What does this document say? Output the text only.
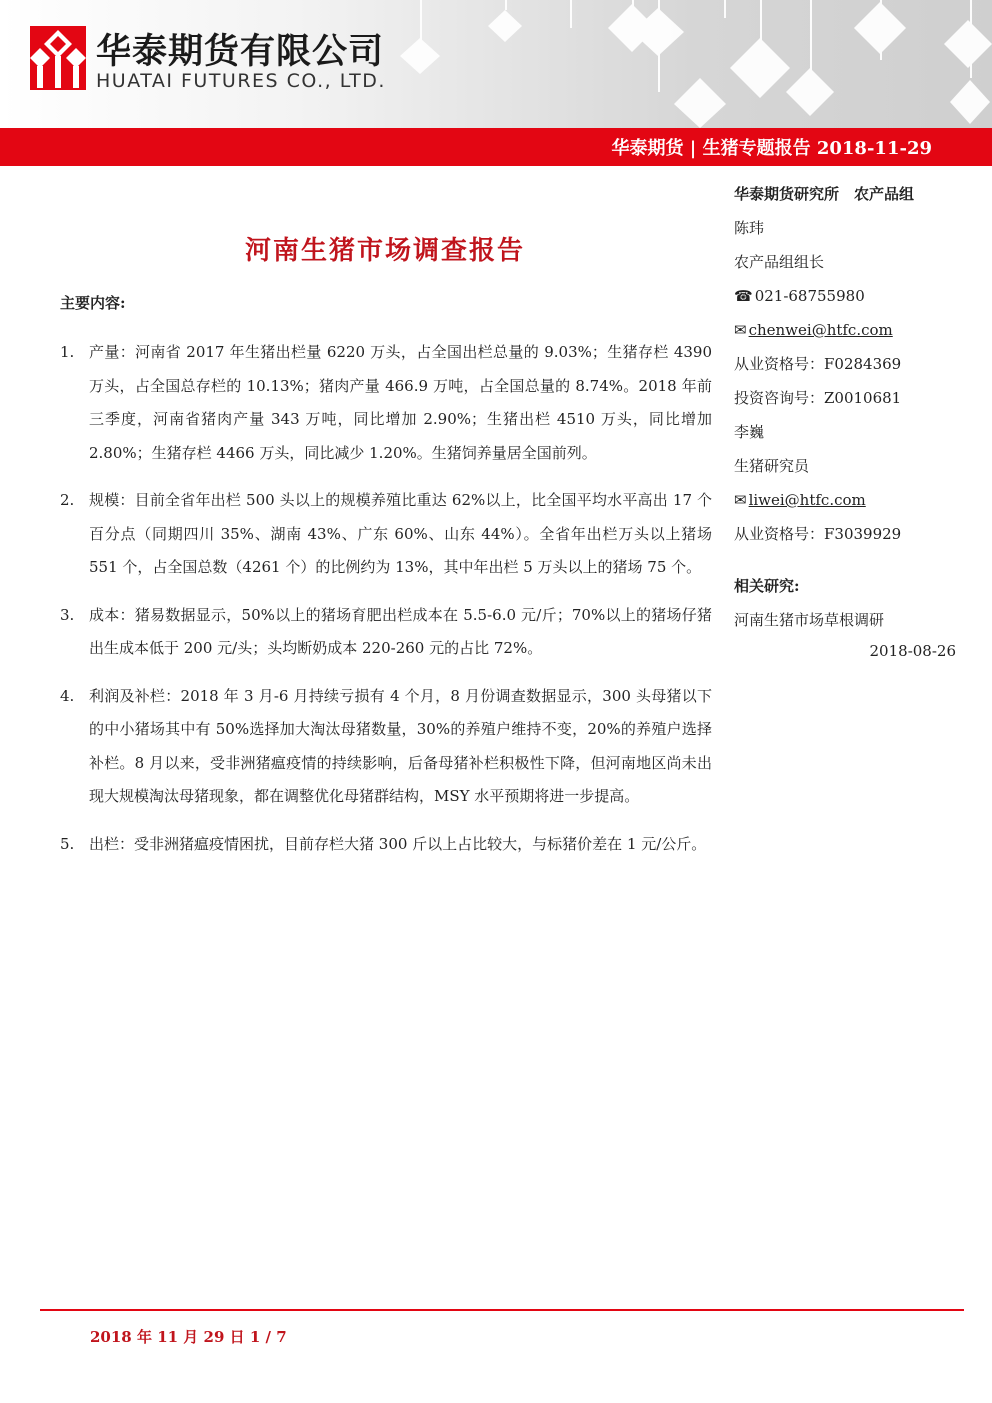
华泰期货有限公司
HUATAI FUTURES CO., LTD.
华泰期货 | 生猪专题报告 2018-11-29
河南生猪市场调查报告
主要内容:
1. 产量：河南省 2017 年生猪出栏量 6220 万头，占全国出栏总量的 9.03%；生猪存栏 4390 万头，占全国总存栏的 10.13%；猪肉产量 466.9 万吨，占全国总量的 8.74%。2018 年前三季度，河南省猪肉产量 343 万吨，同比增加 2.90%；生猪出栏 4510 万头，同比增加 2.80%；生猪存栏 4466 万头，同比减少 1.20%。生猪饲养量居全国前列。
2. 规模：目前全省年出栏 500 头以上的规模养殖比重达 62%以上，比全国平均水平高出 17 个百分点（同期四川 35%、湖南 43%、广东 60%、山东 44%）。全省年出栏万头以上猪场 551 个，占全国总数（4261 个）的比例约为 13%，其中年出栏 5 万头以上的猪场 75 个。
3. 成本：猪易数据显示，50%以上的猪场育肥出栏成本在 5.5-6.0 元/斤；70%以上的猪场仔猪出生成本低于 200 元/头；头均断奶成本 220-260 元的占比 72%。
4. 利润及补栏：2018 年 3 月-6 月持续亏损有 4 个月，8 月份调查数据显示，300 头母猪以下的中小猪场其中有 50%选择加大淘汰母猪数量，30%的养殖户维持不变，20%的养殖户选择补栏。8 月以来，受非洲猪瘟疫情的持续影响，后备母猪补栏积极性下降，但河南地区尚未出现大规模淘汰母猪现象，都在调整优化母猪群结构，MSY 水平预期将进一步提高。
5. 出栏：受非洲猪瘟疫情困扰，目前存栏大猪 300 斤以上占比较大，与标猪价差在 1 元/公斤。
华泰期货研究所　农产品组
陈玮
农产品组组长
☎ 021-68755980
✉ chenwei@htfc.com
从业资格号：F0284369
投资咨询号：Z0010681
李巍
生猪研究员
✉ liwei@htfc.com
从业资格号：F3039929
相关研究:
河南生猪市场草根调研
2018-08-26
2018 年 11 月 29 日 1 / 7
